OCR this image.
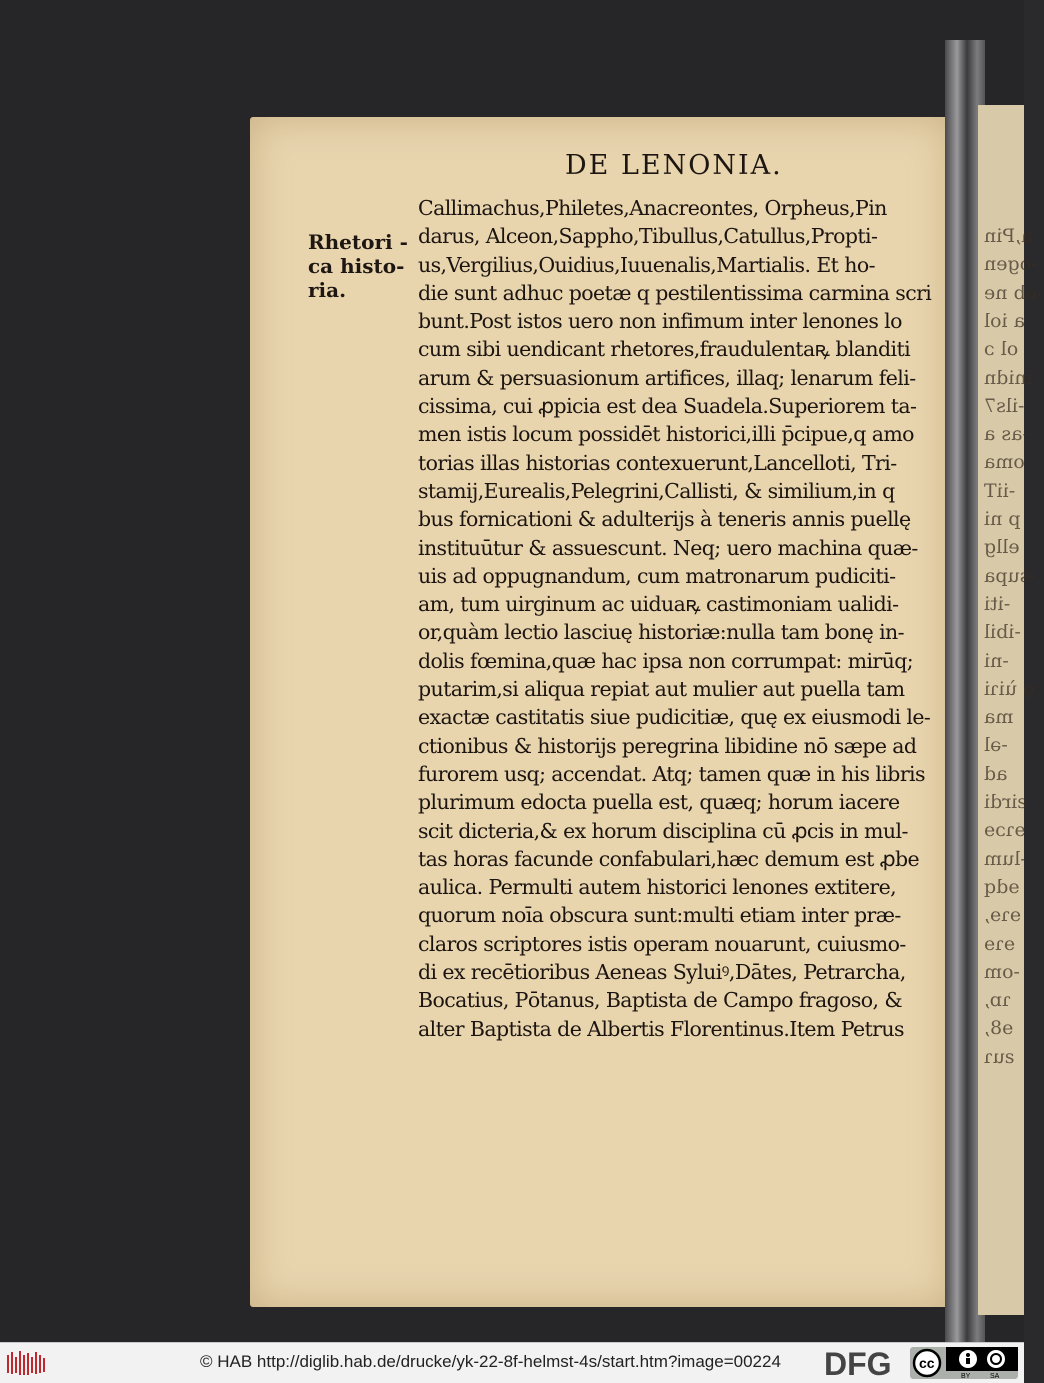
a,Pin
-ogen
-ob ne
a iol
ol ɔ
inidn
-ils7
-as a
oma
-iiT
p ni
ellg
-supa
-iti
-ibil
-ni
ǫ ùiɿi
ma
-əl
ad
ƨirdi
ɘɿɔɘ
-lum
ɘdq
ɘɿɘ,
ɘɿɘ
-om
ɿɒ,
ɘ8,
ƨuɿ
DE LENONIA.
Rhetori -
ca histo-
ria.
Callimachus,Philetes,Anacreontes, Orpheus,Pin
darus, Alceon,Sappho,Tibullus,Catullus,Propti-
us,Vergilius,Ouidius,Iuuenalis,Martialis. Et ho-
die sunt adhuc poetæ q pestilentissima carmina scri
bunt.Post istos uero non infimum inter lenones lo
cum sibi uendicant rhetores,fraudulentaꝶ blanditi
arum & persuasionum artifices, illaq; lenarum feli-
cissima, cui ꝓpicia est dea Suadela.Superiorem ta-
men istis locum possidēt historici,illi p̄cipue,q amo
torias illas historias contexuerunt,Lancelloti, Tri-
stamij,Eurealis,Pelegrini,Callisti, & similium,in q
bus fornicationi & adulterijs à teneris annis puellę
instituūtur & assuescunt. Neq; uero machina quæ-
uis ad oppugnandum, cum matronarum pudiciti-
am, tum uirginum ac uiduaꝶ castimoniam ualidi-
or,quàm lectio lasciuę historiæ:nulla tam bonę in-
dolis fœmina,quæ hac ipsa non corrumpat: mirūq;
putarim,si aliqua repiat aut mulier aut puella tam
exactæ castitatis siue pudicitiæ, quę ex eiusmodi le-
ctionibus & historijs peregrina libidine nō sæpe ad
furorem usq; accendat. Atq; tamen quæ in his libris
plurimum edocta puella est, quæq; horum iacere
scit dicteria,& ex horum disciplina cū ꝓcis in mul-
tas horas facunde confabulari,hæc demum est ꝓbe
aulica. Permulti autem historici lenones extitere,
quorum noīa obscura sunt:multi etiam inter præ-
claros scriptores istis operam nouarunt, cuiusmo-
di ex recētioribus Aeneas Syluiꝰ,Dātes, Petrarcha,
Bocatius, Pōtanus, Baptista de Campo fragoso, &
alter Baptista de Albertis Florentinus.Item Petrus
© HAB http://diglib.hab.de/drucke/yk-22-8f-helmst-4s/start.htm?image=00224 DFG cc
BY	SA
